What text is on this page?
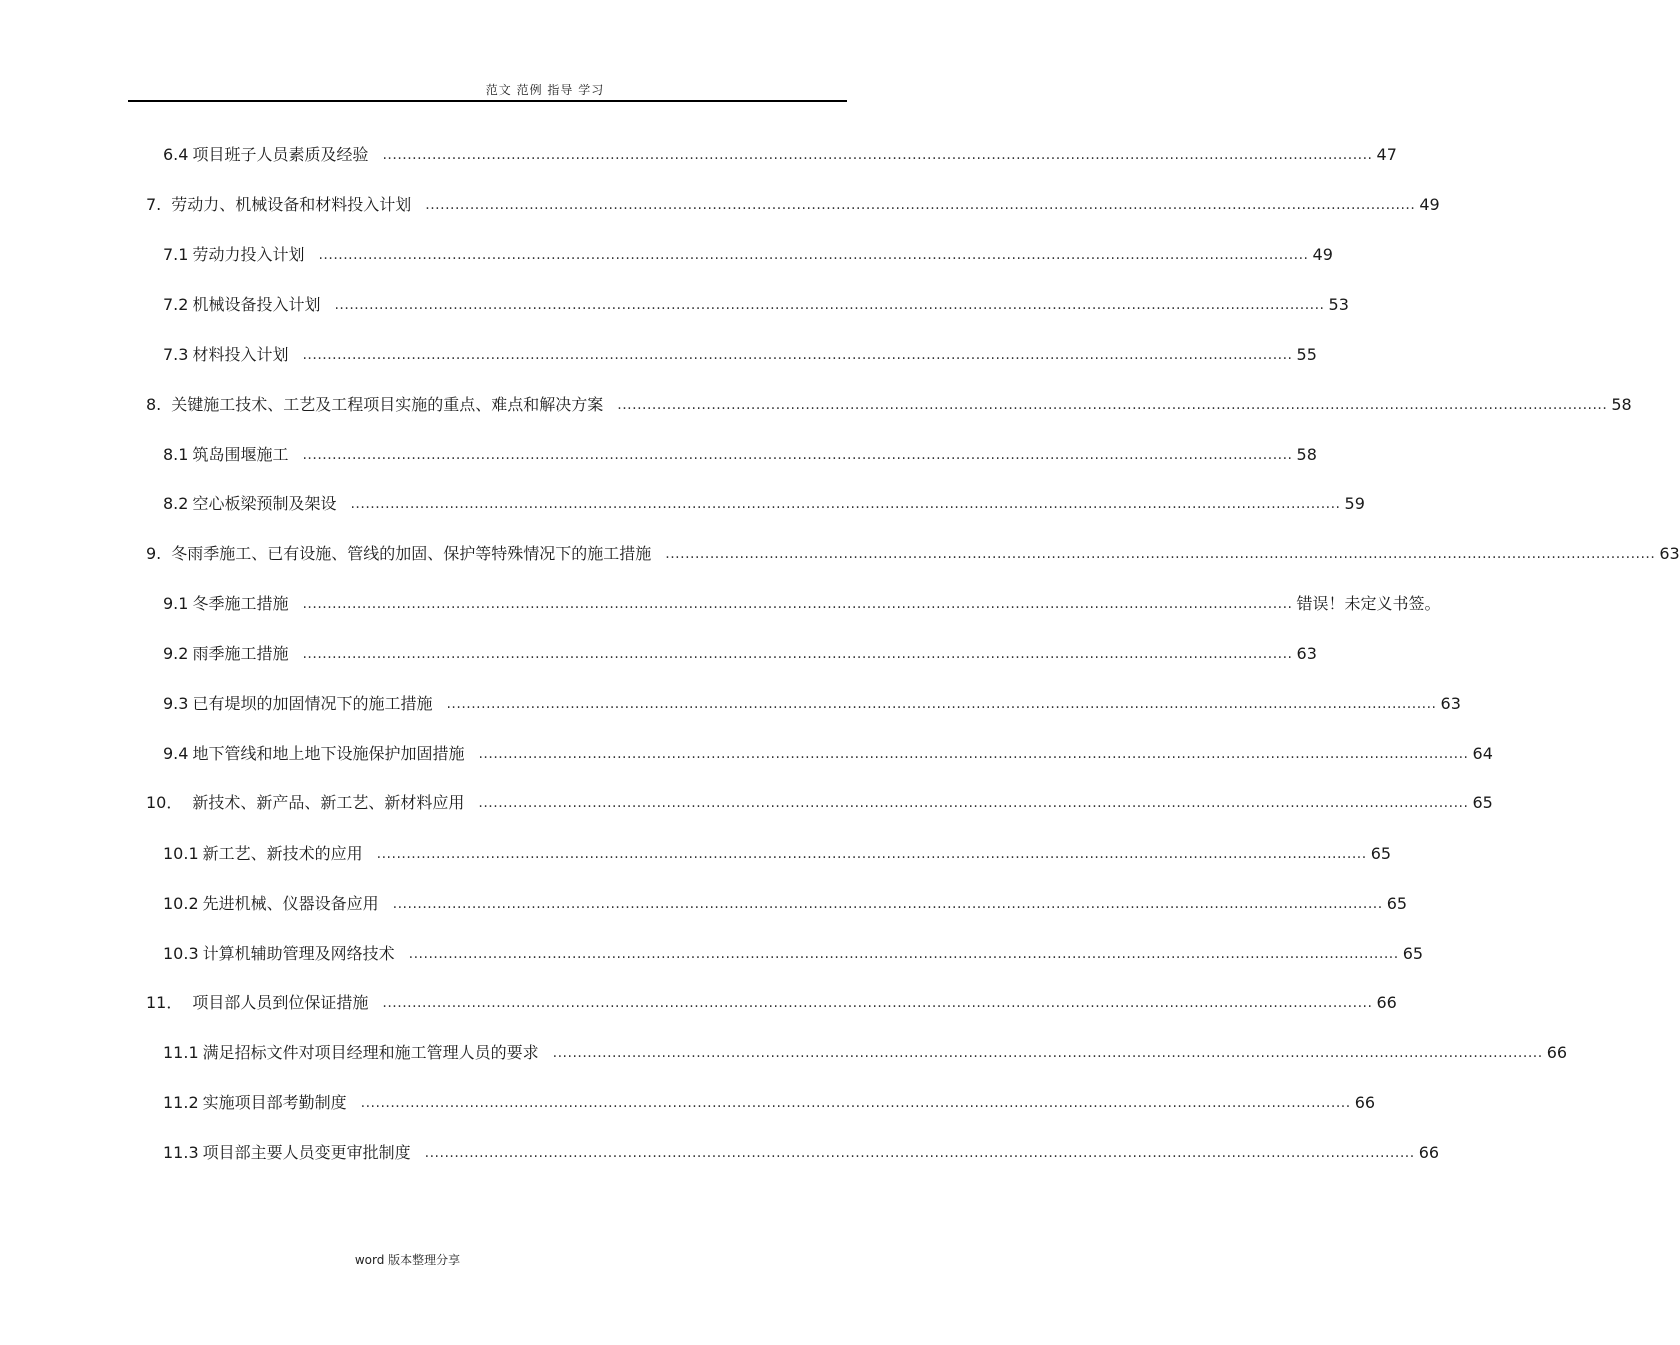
范文 范例 指导 学习
6.4 项目班子人员素质及经验 ........................................................................................................................................................................................................ 47
7. 劳动力、机械设备和材料投入计划 ........................................................................................................................................................................................................ 49
7.1 劳动力投入计划 ........................................................................................................................................................................................................ 49
7.2 机械设备投入计划 ........................................................................................................................................................................................................ 53
7.3 材料投入计划 ........................................................................................................................................................................................................ 55
8. 关键施工技术、工艺及工程项目实施的重点、难点和解决方案 ........................................................................................................................................................................................................ 58
8.1 筑岛围堰施工 ........................................................................................................................................................................................................ 58
8.2 空心板梁预制及架设 ........................................................................................................................................................................................................ 59
9. 冬雨季施工、已有设施、管线的加固、保护等特殊情况下的施工措施 ........................................................................................................................................................................................................ 63
9.1 冬季施工措施 ........................................................................................................................................................................................................ 错误！未定义书签。
9.2 雨季施工措施 ........................................................................................................................................................................................................ 63
9.3 已有堤坝的加固情况下的施工措施 ........................................................................................................................................................................................................ 63
9.4 地下管线和地上地下设施保护加固措施 ........................................................................................................................................................................................................ 64
10． 新技术、新产品、新工艺、新材料应用 ........................................................................................................................................................................................................ 65
10.1 新工艺、新技术的应用 ........................................................................................................................................................................................................ 65
10.2 先进机械、仪器设备应用 ........................................................................................................................................................................................................ 65
10.3 计算机辅助管理及网络技术 ........................................................................................................................................................................................................ 65
11． 项目部人员到位保证措施 ........................................................................................................................................................................................................ 66
11.1 满足招标文件对项目经理和施工管理人员的要求 ........................................................................................................................................................................................................ 66
11.2 实施项目部考勤制度 ........................................................................................................................................................................................................ 66
11.3 项目部主要人员变更审批制度 ........................................................................................................................................................................................................ 66
word 版本整理分享
